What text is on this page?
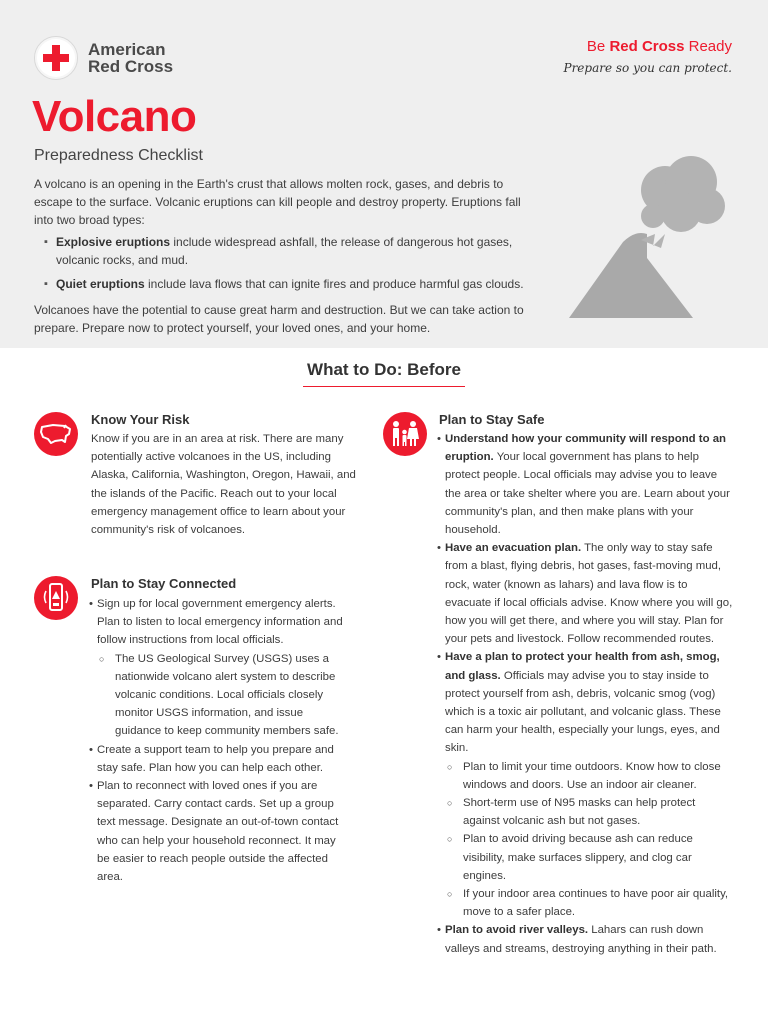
American
Red Cross
Be Red Cross Ready
Prepare so you can protect.
Volcano
Preparedness Checklist

A volcano is an opening in the Earth's crust that allows molten rock, gases, and debris to escape to the surface. Volcanic eruptions can kill people and destroy property. Eruptions fall into two broad types:

▪ Explosive eruptions include widespread ashfall, the release of dangerous hot gases, volcanic rocks, and mud.
▪ Quiet eruptions include lava flows that can ignite fires and produce harmful gas clouds.

Volcanoes have the potential to cause great harm and destruction. But we can take action to prepare. Prepare now to protect yourself, your loved ones, and your home.

What to Do: Before
Know Your Risk

Know if you are in an area at risk. There are many potentially active volcanoes in the US, including Alaska, California, Washington, Oregon, Hawaii, and the islands of the Pacific. Reach out to your local emergency management office to learn about your community's risk of volcanoes.

Plan to Stay Connected
• Sign up for local government emergency alerts. Plan to listen to local emergency information and follow instructions from local officials.
○ The US Geological Survey (USGS) uses a nationwide volcano alert system to describe volcanic conditions. Local officials closely monitor USGS information, and issue guidance to keep community members safe.
• Create a support team to help you prepare and stay safe. Plan how you can help each other.
• Plan to reconnect with loved ones if you are separated. Carry contact cards. Set up a group text message. Designate an out-of-town contact who can help your household reconnect. It may be easier to reach people outside the affected area.
Plan to Stay Safe
• Understand how your community will respond to an eruption. Your local government has plans to help protect people. Local officials may advise you to leave the area or take shelter where you are. Learn about your community's plan, and then make plans with your household.
• Have an evacuation plan. The only way to stay safe from a blast, flying debris, hot gases, fast-moving mud, rock, water (known as lahars) and lava flow is to evacuate if local officials advise. Know where you will go, how you will get there, and where you will stay. Plan for your pets and livestock. Follow recommended routes.
• Have a plan to protect your health from ash, smog, and glass. Officials may advise you to stay inside to protect yourself from ash, debris, volcanic smog (vog) which is a toxic air pollutant, and volcanic glass. These can harm your health, especially your lungs, eyes, and skin.
○ Plan to limit your time outdoors. Know how to close windows and doors. Use an indoor air cleaner.
○ Short-term use of N95 masks can help protect against volcanic ash but not gases.
○ Plan to avoid driving because ash can reduce visibility, make surfaces slippery, and clog car engines.
○ If your indoor area continues to have poor air quality, move to a safer place.
• Plan to avoid river valleys. Lahars can rush down valleys and streams, destroying anything in their path.
